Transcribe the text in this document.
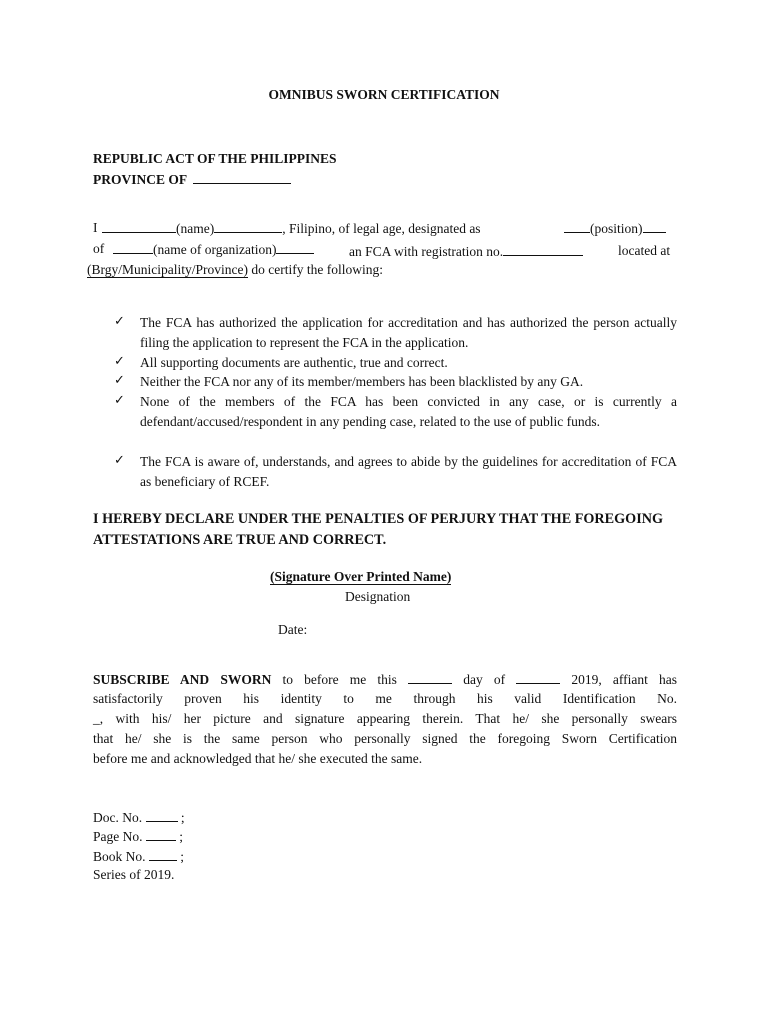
OMNIBUS SWORN CERTIFICATION
REPUBLIC ACT OF THE PHILIPPINES
PROVINCE OF
I	(name)	, Filipino, of legal age, designated as	(position)
of	(name of organization)	an FCA with registration no.	located at
(Brgy/Municipality/Province) do certify the following:
✓ The FCA has authorized the application for accreditation and has authorized the person actually filing the application to represent the FCA in the application.
✓ All supporting documents are authentic, true and correct.
✓ Neither the FCA nor any of its member/members has been blacklisted by any GA.
✓ None of the members of the FCA has been convicted in any case, or is currently a defendant/accused/respondent in any pending case, related to the use of public funds.
✓ The FCA is aware of, understands, and agrees to abide by the guidelines for accreditation of FCA as beneficiary of RCEF.
I HEREBY DECLARE UNDER THE PENALTIES OF PERJURY THAT THE FOREGOING ATTESTATIONS ARE TRUE AND CORRECT.
(Signature Over Printed Name)
Designation
Date:
SUBSCRIBE AND SWORN to before me this	day of	2019, affiant has
satisfactorily proven his identity to me through his valid Identification No.
_, with his/ her picture and signature appearing therein. That he/ she personally swears
that he/ she is the same person who personally signed the foregoing Sworn Certification
before me and acknowledged that he/ she executed the same.
Doc. No.	;
Page No.	;
Book No.	;
Series of 2019.
